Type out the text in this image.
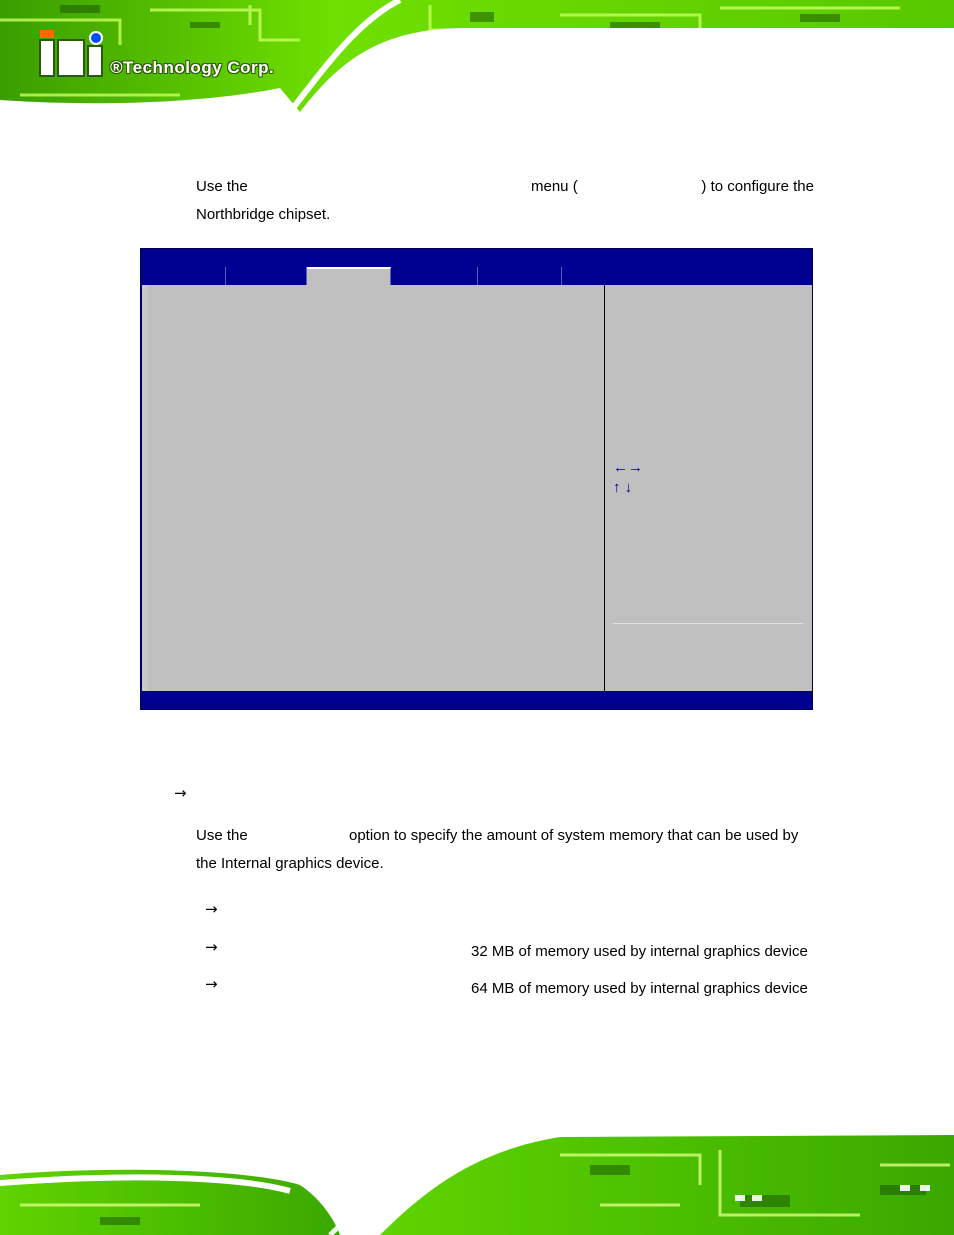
®Technology Corp.
Use the	menu (	) to configure the
Northbridge chipset.
←→
↑ ↓
→
Use the	option to specify the amount of system memory that can be used by
the Internal graphics device.
→
→	32 MB of memory used by internal graphics device
→	64 MB of memory used by internal graphics device
